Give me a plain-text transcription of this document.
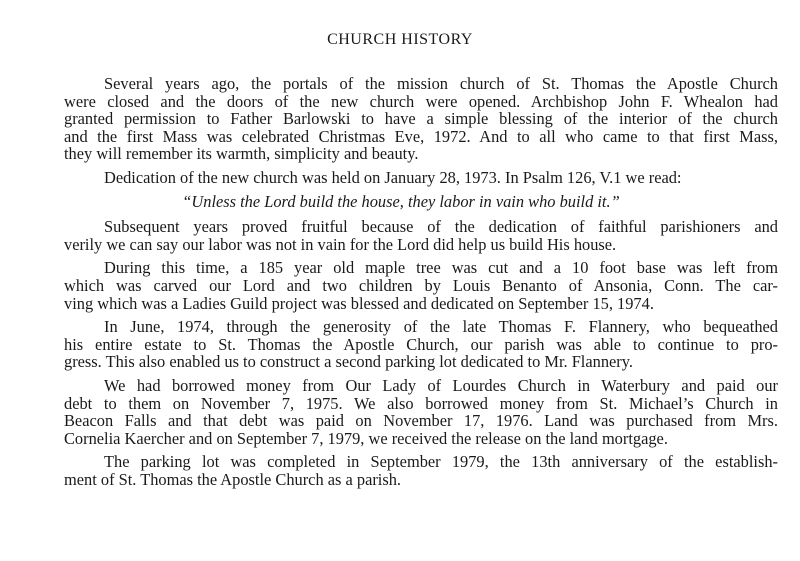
CHURCH HISTORY
Several years ago, the portals of the mission church of St. Thomas the Apostle Church
were closed and the doors of the new church were opened. Archbishop John F. Whealon had
granted permission to Father Barlowski to have a simple blessing of the interior of the church
and the first Mass was celebrated Christmas Eve, 1972. And to all who came to that first Mass,
they will remember its warmth, simplicity and beauty.
Dedication of the new church was held on January 28, 1973. In Psalm 126, V.1 we read:
“Unless the Lord build the house, they labor in vain who build it.”
Subsequent years proved fruitful because of the dedication of faithful parishioners and
verily we can say our labor was not in vain for the Lord did help us build His house.
During this time, a 185 year old maple tree was cut and a 10 foot base was left from
which was carved our Lord and two children by Louis Benanto of Ansonia, Conn. The car-
ving which was a Ladies Guild project was blessed and dedicated on September 15, 1974.
In June, 1974, through the generosity of the late Thomas F. Flannery, who bequeathed
his entire estate to St. Thomas the Apostle Church, our parish was able to continue to pro-
gress. This also enabled us to construct a second parking lot dedicated to Mr. Flannery.
We had borrowed money from Our Lady of Lourdes Church in Waterbury and paid our
debt to them on November 7, 1975. We also borrowed money from St. Michael’s Church in
Beacon Falls and that debt was paid on November 17, 1976. Land was purchased from Mrs.
Cornelia Kaercher and on September 7, 1979, we received the release on the land mortgage.
The parking lot was completed in September 1979, the 13th anniversary of the establish-
ment of St. Thomas the Apostle Church as a parish.
